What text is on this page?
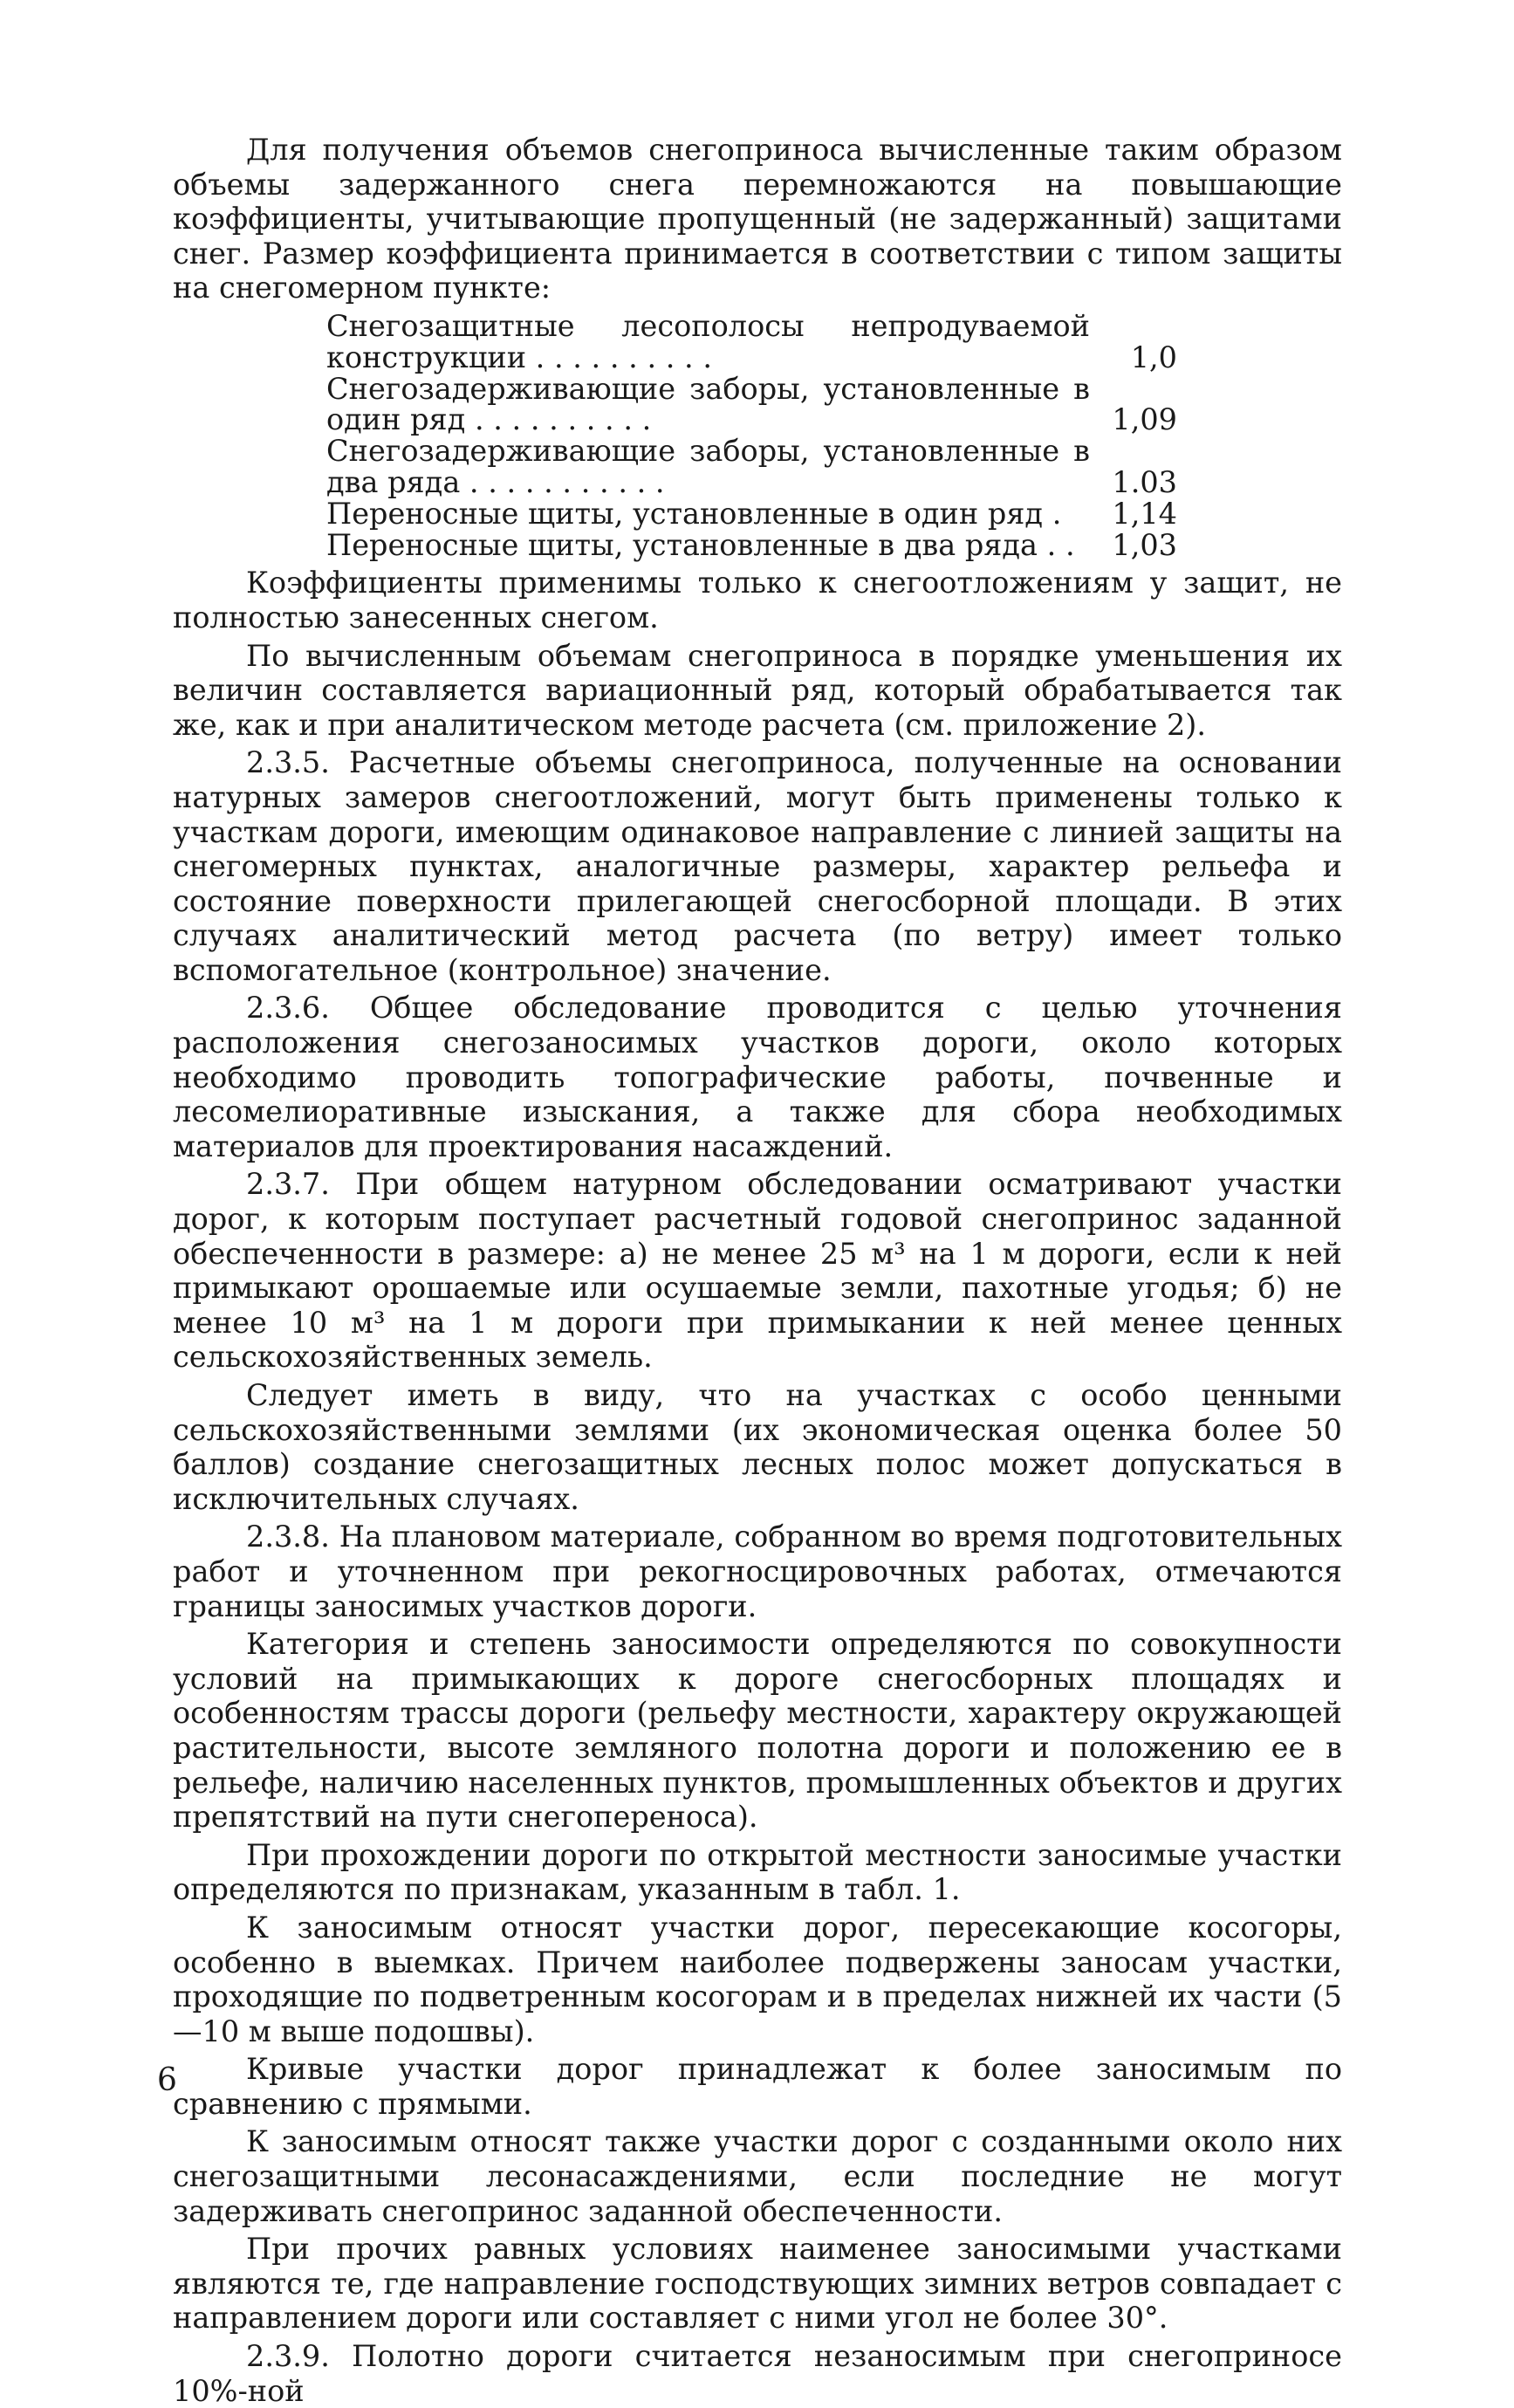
Для получения объемов снегоприноса вычисленные таким образом объемы задержанного снега перемножаются на повышающие коэффициенты, учитывающие пропущенный (не задержанный) защитами снег. Размер коэффициента принимается в соответствии с типом защиты на снегомерном пункте:

Снегозащитные лесополосы непродуваемой конструкции . . . . . . . . . .	1,0
Снегозадерживающие заборы, установленные в один ряд . . . . . . . . . .	1,09
Снегозадерживающие заборы, установленные в два ряда . . . . . . . . . . .	1.03
Переносные щиты, установленные в один ряд .	1,14
Переносные щиты, установленные в два ряда . .	1,03

Коэффициенты применимы только к снегоотложениям у защит, не полностью занесенных снегом.

По вычисленным объемам снегоприноса в порядке уменьшения их величин составляется вариационный ряд, который обрабатывается так же, как и при аналитическом методе расчета (см. приложение 2).

2.3.5. Расчетные объемы снегоприноса, полученные на основании натурных замеров снегоотложений, могут быть применены только к участкам дороги, имеющим одинаковое направление с линией защиты на снегомерных пунктах, аналогичные размеры, характер рельефа и состояние поверхности прилегающей снегосборной площади. В этих случаях аналитический метод расчета (по ветру) имеет только вспомогательное (контрольное) значение.

2.3.6. Общее обследование проводится с целью уточнения расположения снегозаносимых участков дороги, около которых необходимо проводить топографические работы, почвенные и лесомелиоративные изыскания, а также для сбора необходимых материалов для проектирования насаждений.

2.3.7. При общем натурном обследовании осматривают участки дорог, к которым поступает расчетный годовой снегопринос заданной обеспеченности в размере: а) не менее 25 м³ на 1 м дороги, если к ней примыкают орошаемые или осушаемые земли, пахотные угодья; б) не менее 10 м³ на 1 м дороги при примыкании к ней менее ценных сельскохозяйственных земель.

Следует иметь в виду, что на участках с особо ценными сельскохозяйственными землями (их экономическая оценка более 50 баллов) создание снегозащитных лесных полос может допускаться в исключительных случаях.

2.3.8. На плановом материале, собранном во время подготовительных работ и уточненном при рекогносцировочных работах, отмечаются границы заносимых участков дороги.

Категория и степень заносимости определяются по совокупности условий на примыкающих к дороге снегосборных площадях и особенностям трассы дороги (рельефу местности, характеру окружающей растительности, высоте земляного полотна дороги и положению ее в рельефе, наличию населенных пунктов, промышленных объектов и других препятствий на пути снегопереноса).

При прохождении дороги по открытой местности заносимые участки определяются по признакам, указанным в табл. 1.

К заносимым относят участки дорог, пересекающие косогоры, особенно в выемках. Причем наиболее подвержены заносам участки, проходящие по подветренным косогорам и в пределах нижней их части (5—10 м выше подошвы).

Кривые участки дорог принадлежат к более заносимым по сравнению с прямыми.

К заносимым относят также участки дорог с созданными около них снегозащитными лесонасаждениями, если последние не могут задерживать снегоприноc заданной обеспеченности.

При прочих равных условиях наименее заносимыми участками являются те, где направление господствующих зимних ветров совпадает с направлением дороги или составляет с ними угол не более 30°.

2.3.9. Полотно дороги считается незаносимым при снегоприносе 10%-ной

6
